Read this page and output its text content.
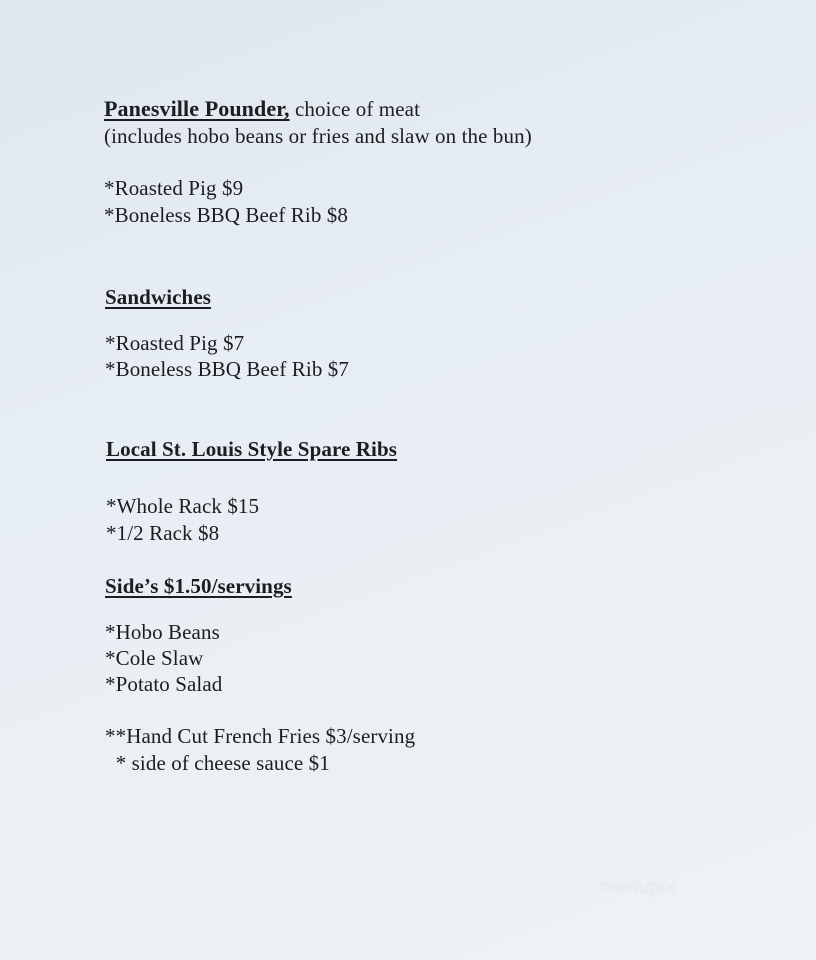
Panesville Pounder, choice of meat
(includes hobo beans or fries and slaw on the bun)
*Roasted Pig $9
*Boneless BBQ Beef Rib $8
Sandwiches
*Roasted Pig $7
*Boneless BBQ Beef Rib $7
Local St. Louis Style Spare Ribs
*Whole Rack $15
*1/2 Rack $8
Side’s $1.50/servings
*Hobo Beans
*Cole Slaw
*Potato Salad
**Hand Cut French Fries $3/serving
* side of cheese sauce $1
menupix
